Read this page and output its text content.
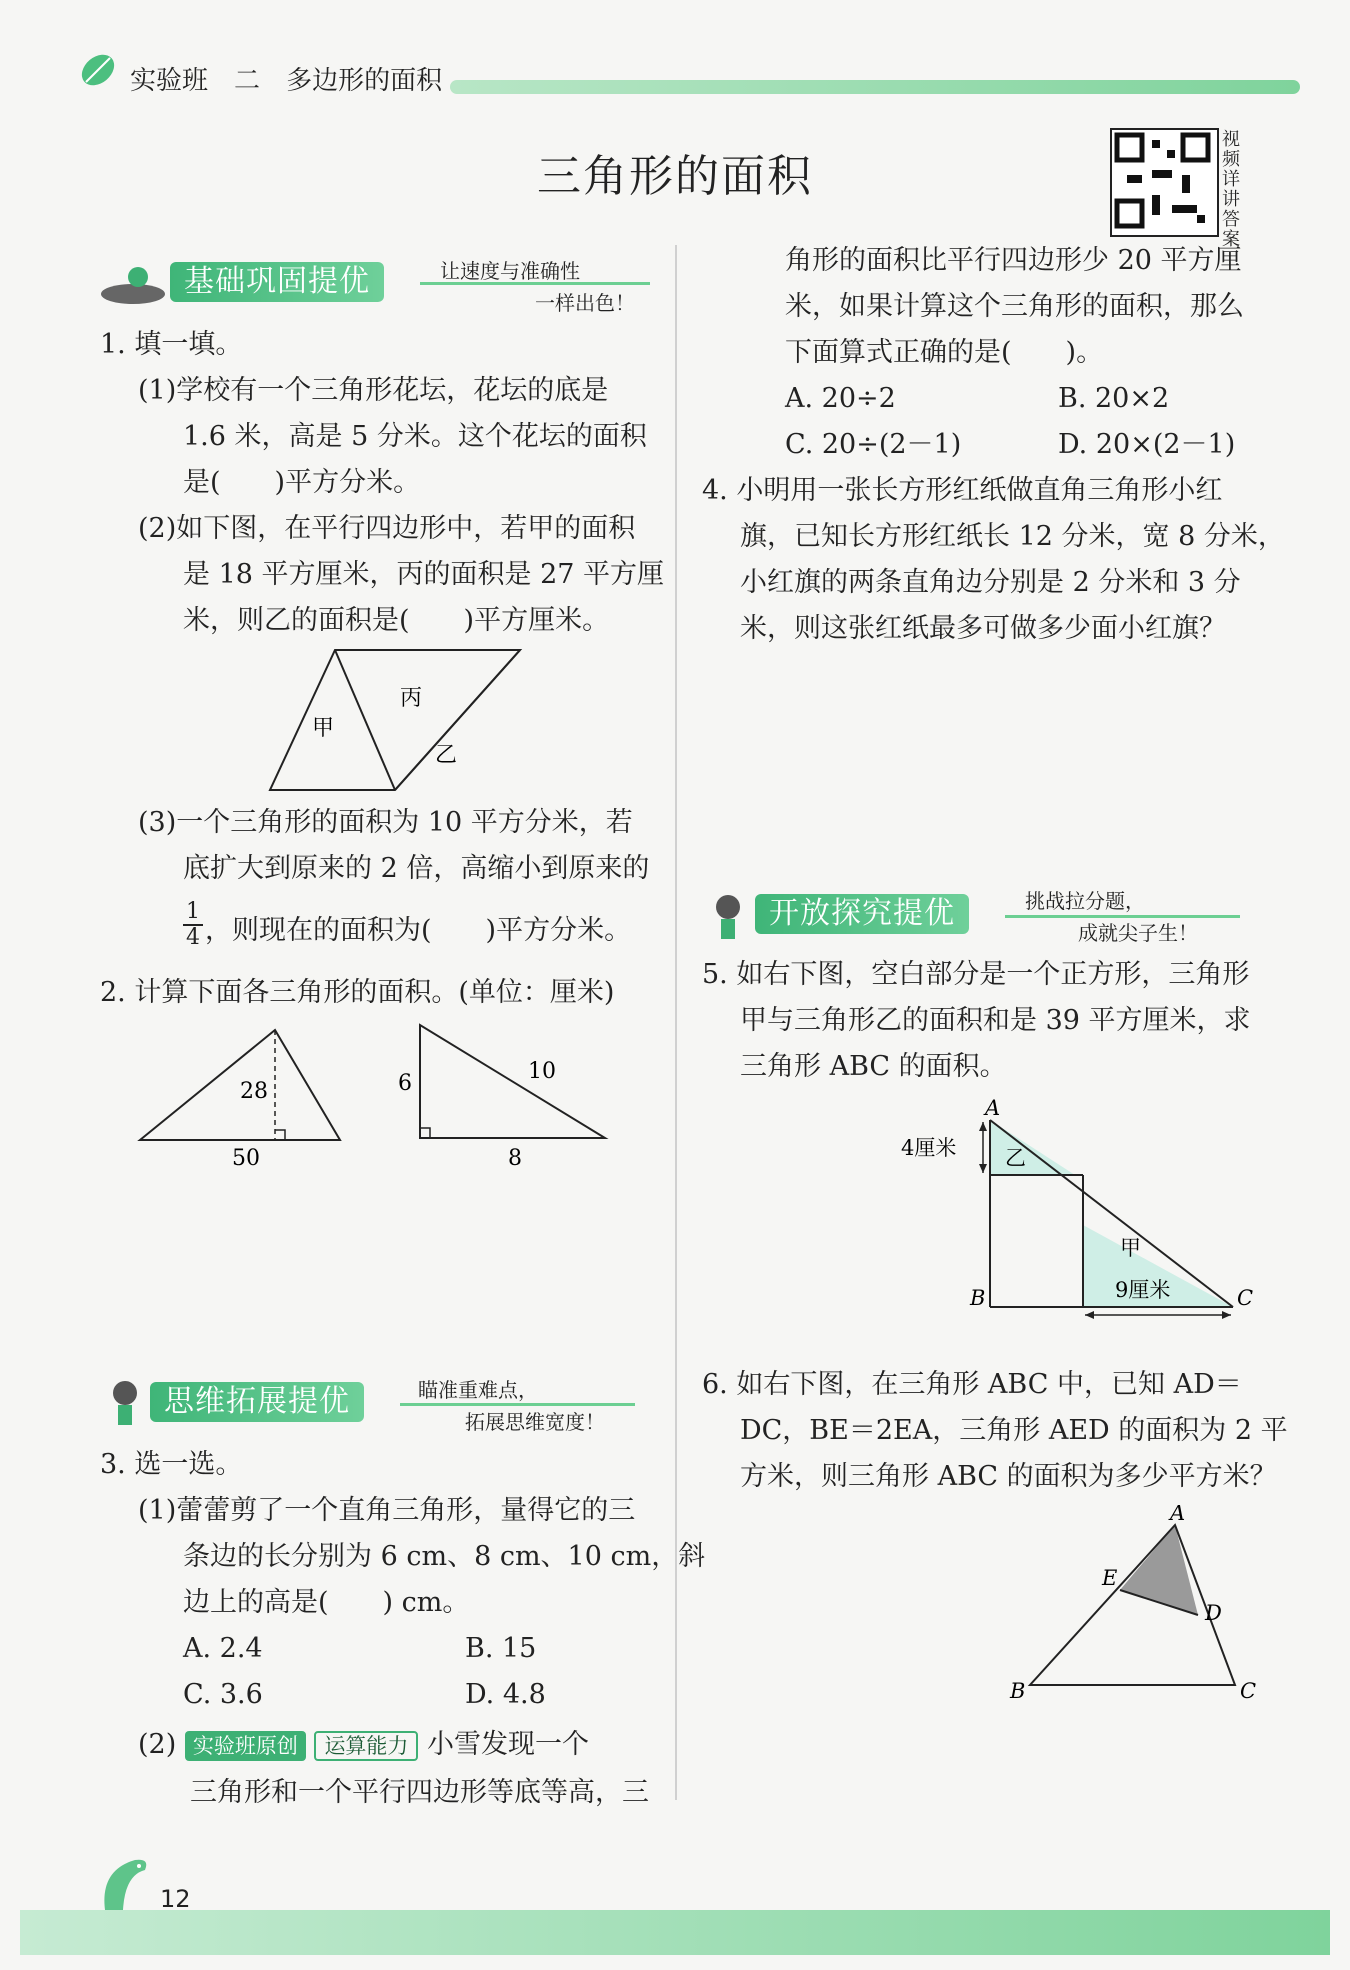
实验班　 二　 多边形的面积
三角形的面积
视频详讲答案
基础巩固提优	让速度与准确性
一样出色！
1. 填一填。
(1)学校有一个三角形花坛，花坛的底是
1.6 米，高是 5 分米。这个花坛的面积
是(　　)平方分米。
(2)如下图，在平行四边形中，若甲的面积
是 18 平方厘米，丙的面积是 27 平方厘
米，则乙的面积是(　　)平方厘米。
甲
丙
乙
(3)一个三角形的面积为 10 平方分米，若
底扩大到原来的 2 倍，高缩小到原来的
1
4 ，则现在的面积为(　　)平方分米。
2. 计算下面各三角形的面积。(单位：厘米)
28
50
6	10
8
思维拓展提优	瞄准重难点，
拓展思维宽度！
3. 选一选。
(1)蕾蕾剪了一个直角三角形，量得它的三
条边的长分别为 6 cm、8 cm、10 cm，斜
边上的高是(　　) cm。
A. 2.4	B. 15
C. 3.6	D. 4.8
(2) 实验班原创 运算能力 小雪发现一个
三角形和一个平行四边形等底等高，三
角形的面积比平行四边形少 20 平方厘
米，如果计算这个三角形的面积，那么
下面算式正确的是(　　)。
A. 20÷2	B. 20×2
C. 20÷(2－1)	D. 20×(2－1)
4. 小明用一张长方形红纸做直角三角形小红
旗，已知长方形红纸长 12 分米，宽 8 分米，
小红旗的两条直角边分别是 2 分米和 3 分
米，则这张红纸最多可做多少面小红旗？
开放探究提优	挑战拉分题，
成就尖子生！
5. 如右下图，空白部分是一个正方形，三角形
甲与三角形乙的面积和是 39 平方厘米，求
三角形 ABC 的面积。
A
B	C
4厘米
9厘米
乙
甲
6. 如右下图，在三角形 ABC 中，已知 AD＝
DC，BE＝2EA，三角形 AED 的面积为 2 平
方米，则三角形 ABC 的面积为多少平方米？
A
B	C
D
E
12
